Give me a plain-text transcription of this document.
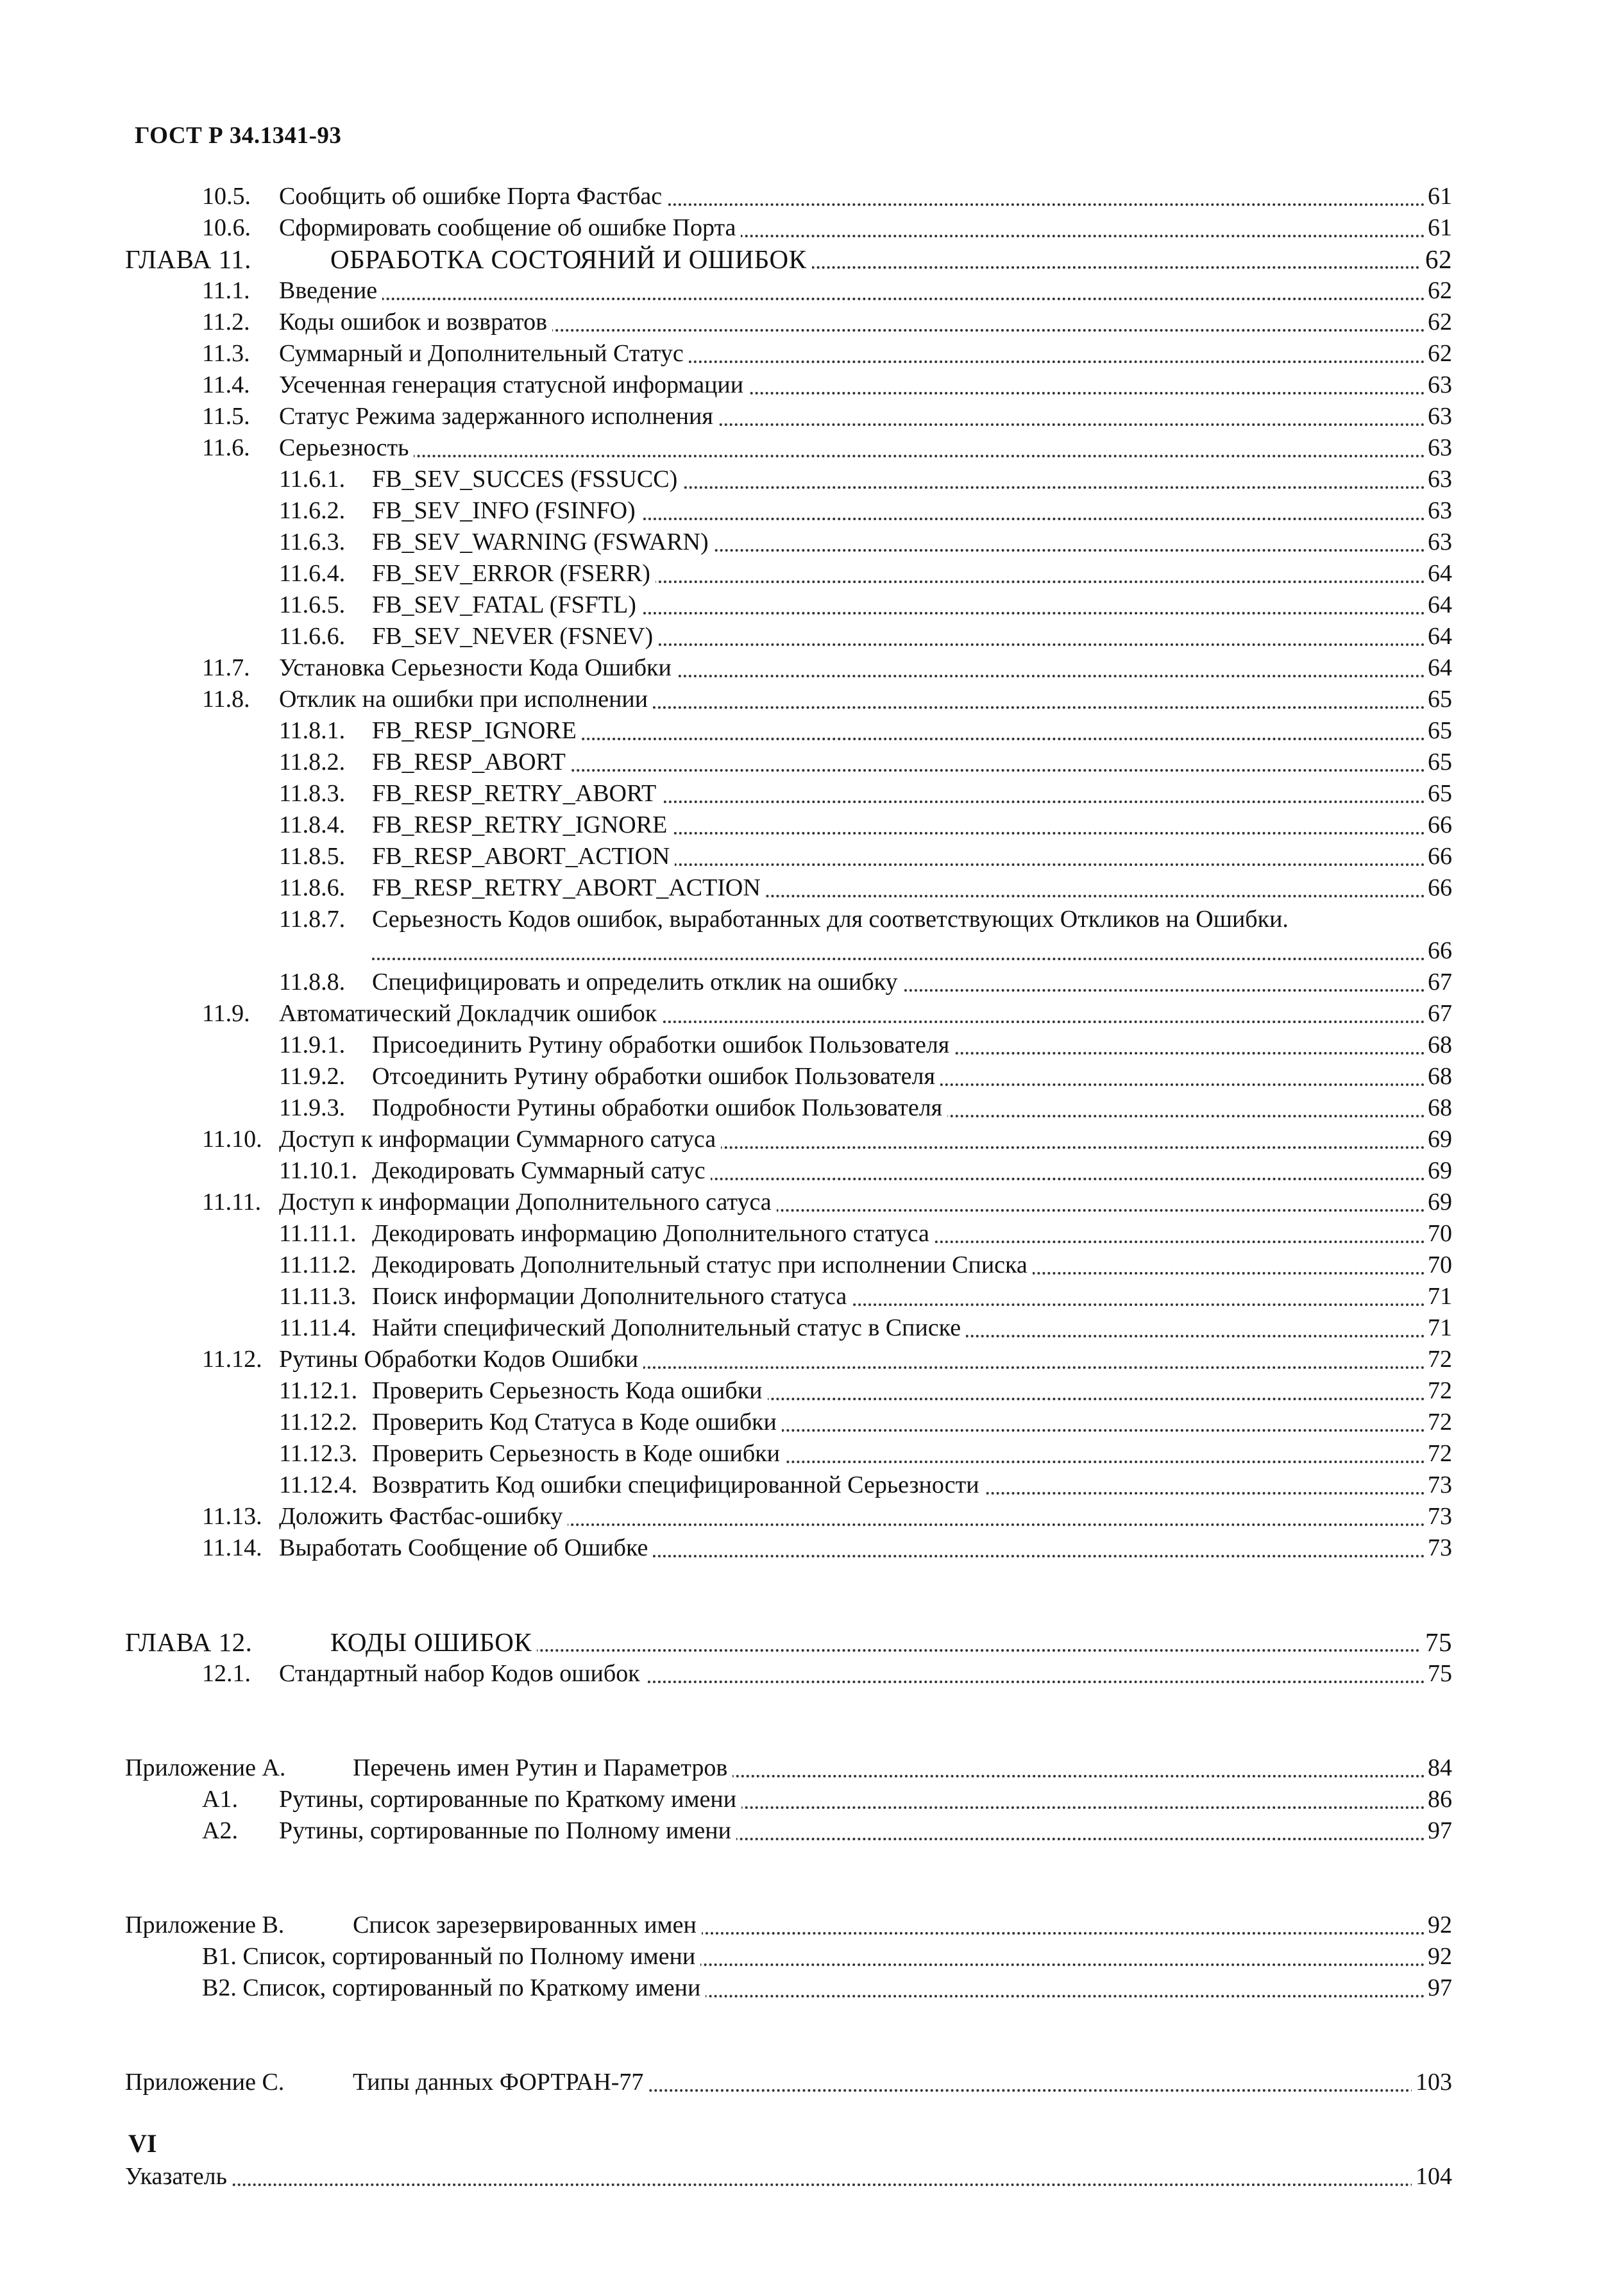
ГОСТ Р 34.1341-93
10.5. Сообщить об ошибке Порта Фастбас	61
10.6. Сформировать сообщение об ошибке Порта	61
ГЛАВА 11.	ОБРАБОТКА СОСТОЯНИЙ И ОШИБОК	62
11.1. Введение	62
11.2. Коды ошибок и возвратов	62
11.3. Суммарный и Дополнительный Статус	62
11.4. Усеченная генерация статусной информации	63
11.5. Статус Режима задержанного исполнения	63
11.6. Серьезность	63
11.6.1. FB_SEV_SUCCES (FSSUCC)	63
11.6.2. FB_SEV_INFO (FSINFO)	63
11.6.3. FB_SEV_WARNING (FSWARN)	63
11.6.4. FB_SEV_ERROR (FSERR)	64
11.6.5. FB_SEV_FATAL (FSFTL)	64
11.6.6. FB_SEV_NEVER (FSNEV)	64
11.7. Установка Серьезности Кода Ошибки	64
11.8. Отклик на ошибки при исполнении	65
11.8.1. FB_RESP_IGNORE	65
11.8.2. FB_RESP_ABORT	65
11.8.3. FB_RESP_RETRY_ABORT	65
11.8.4. FB_RESP_RETRY_IGNORE	66
11.8.5. FB_RESP_ABORT_ACTION	66
11.8.6. FB_RESP_RETRY_ABORT_ACTION	66
11.8.7. Серьезность Кодов ошибок, выработанных для соответствующих Откликов на Ошибки.
66
11.8.8. Специфицировать и определить отклик на ошибку	67
11.9. Автоматический Докладчик ошибок	67
11.9.1. Присоединить Рутину обработки ошибок Пользователя	68
11.9.2. Отсоединить Рутину обработки ошибок Пользователя	68
11.9.3. Подробности Рутины обработки ошибок Пользователя	68
11.10. Доступ к информации Суммарного сатуса	69
11.10.1. Декодировать Суммарный сатус	69
11.11. Доступ к информации Дополнительного сатуса	69
11.11.1. Декодировать информацию Дополнительного статуса	70
11.11.2. Декодировать Дополнительный статус при исполнении Списка	70
11.11.3. Поиск информации Дополнительного статуса	71
11.11.4. Найти специфический Дополнительный статус в Списке	71
11.12. Рутины Обработки Кодов Ошибки	72
11.12.1. Проверить Серьезность Кода ошибки	72
11.12.2. Проверить Код Статуса в Коде ошибки	72
11.12.3. Проверить Серьезность в Коде ошибки	72
11.12.4. Возвратить Код ошибки специфицированной Серьезности	73
11.13. Доложить Фастбас-ошибку	73
11.14. Выработать Сообщение об Ошибке	73
ГЛАВА 12.	КОДЫ ОШИБОК	75
12.1. Стандартный набор Кодов ошибок	75
Приложение А.	Перечень имен Рутин и Параметров	84
A1. Рутины, сортированные по Краткому имени	86
A2. Рутины, сортированные по Полному имени	97
Приложение В.	Список зарезервированных имен	92
B1. Список, сортированный по Полному имени	92
B2. Список, сортированный по Краткому имени	97
Приложение С.	Типы данных ФОРТРАН-77	103
Указатель	104
VI
